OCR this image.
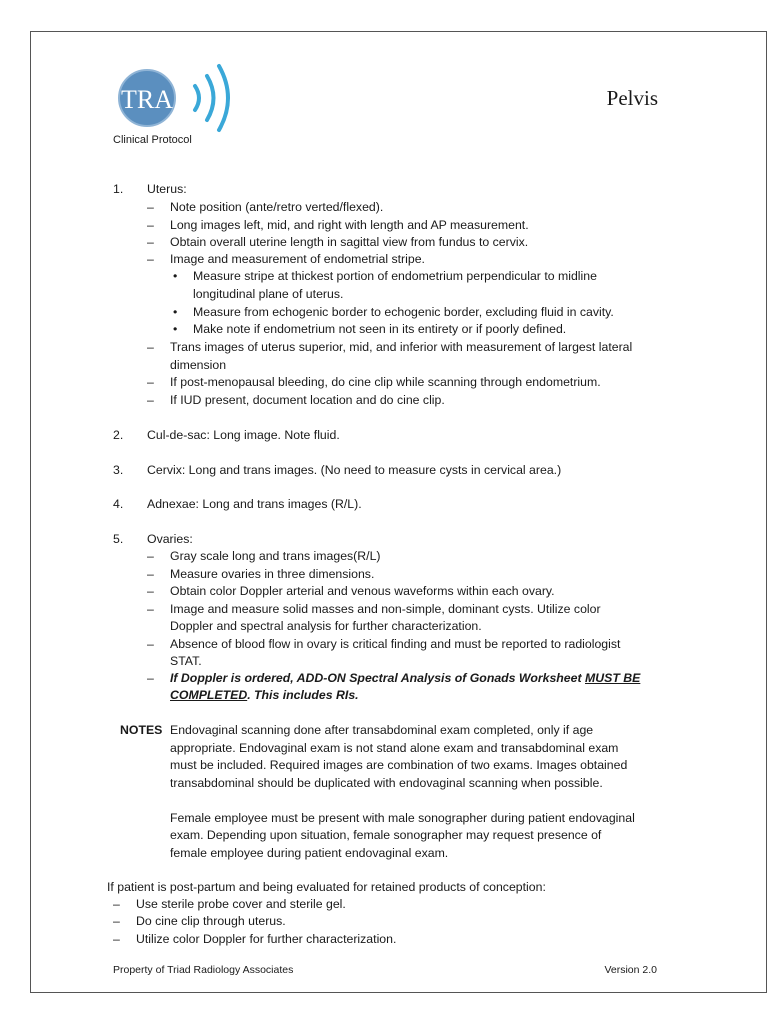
TRA
Clinical Protocol
Pelvis
1. Uterus:
– Note position (ante/retro verted/flexed).
– Long images left, mid, and right with length and AP measurement.
– Obtain overall uterine length in sagittal view from fundus to cervix.
– Image and measurement of endometrial stripe.
• Measure stripe at thickest portion of endometrium perpendicular to midline
longitudinal plane of uterus.
• Measure from echogenic border to echogenic border, excluding fluid in cavity.
• Make note if endometrium not seen in its entirety or if poorly defined.
– Trans images of uterus superior, mid, and inferior with measurement of largest lateral
dimension
– If post-menopausal bleeding, do cine clip while scanning through endometrium.
– If IUD present, document location and do cine clip.
2. Cul-de-sac: Long image. Note fluid.
3. Cervix: Long and trans images. (No need to measure cysts in cervical area.)
4. Adnexae: Long and trans images (R/L).
5. Ovaries:
– Gray scale long and trans images(R/L)
– Measure ovaries in three dimensions.
– Obtain color Doppler arterial and venous waveforms within each ovary.
– Image and measure solid masses and non-simple, dominant cysts. Utilize color
Doppler and spectral analysis for further characterization.
– Absence of blood flow in ovary is critical finding and must be reported to radiologist
STAT.
– If Doppler is ordered, ADD-ON Spectral Analysis of Gonads Worksheet MUST BE
COMPLETED. This includes RIs.
NOTES Endovaginal scanning done after transabdominal exam completed, only if age
appropriate. Endovaginal exam is not stand alone exam and transabdominal exam
must be included. Required images are combination of two exams. Images obtained
transabdominal should be duplicated with endovaginal scanning when possible.
Female employee must be present with male sonographer during patient endovaginal
exam. Depending upon situation, female sonographer may request presence of
female employee during patient endovaginal exam.
If patient is post-partum and being evaluated for retained products of conception:
– Use sterile probe cover and sterile gel.
– Do cine clip through uterus.
– Utilize color Doppler for further characterization.
Property of Triad Radiology Associates	Version 2.0
